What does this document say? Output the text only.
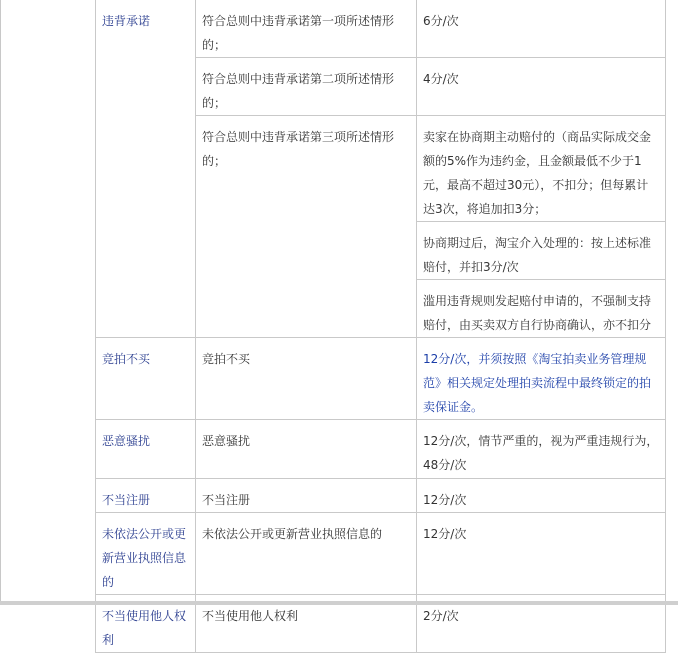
违背承诺	符合总则中违背承诺第一项所述情形的；	6分/次
	符合总则中违背承诺第二项所述情形的；	4分/次
	符合总则中违背承诺第三项所述情形的；	卖家在协商期主动赔付的（商品实际成交金额的5%作为违约金，且金额最低不少于1元，最高不超过30元），不扣分；但每累计达3次，将追加扣3分；
		协商期过后，淘宝介入处理的：按上述标准赔付，并扣3分/次
		滥用违背规则发起赔付申请的，不强制支持赔付，由买卖双方自行协商确认，亦不扣分
竞拍不买	竞拍不买	12分/次，并须按照《淘宝拍卖业务管理规范》相关规定处理拍卖流程中最终锁定的拍卖保证金。
恶意骚扰	恶意骚扰	12分/次，情节严重的，视为严重违规行为，48分/次
不当注册	不当注册	12分/次
未依法公开或更新营业执照信息的	未依法公开或更新营业执照信息的	12分/次
不当使用他人权利	不当使用他人权利	2分/次
